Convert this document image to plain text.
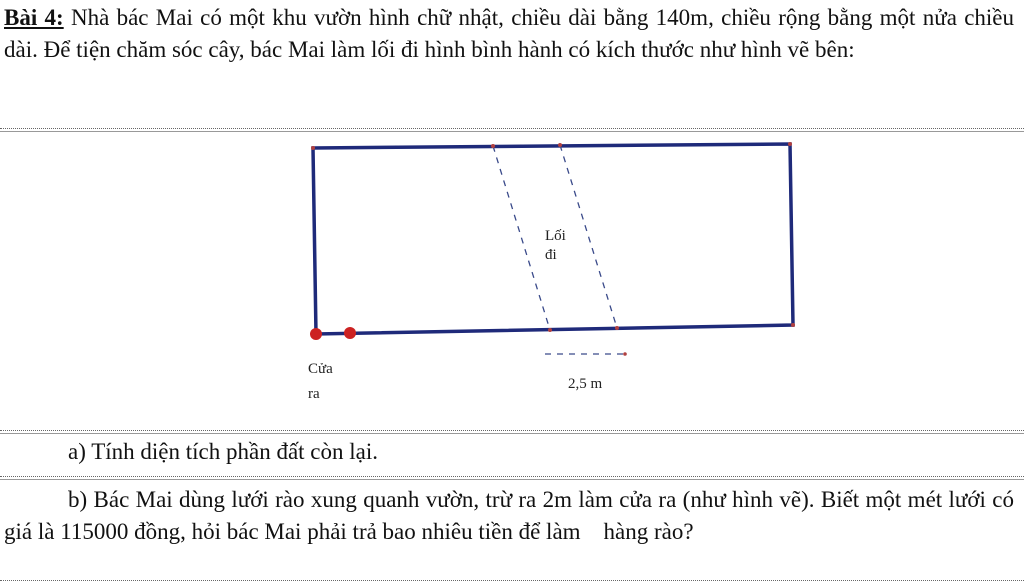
Bài 4: Nhà bác Mai có một khu vườn hình chữ nhật, chiều dài bằng 140m, chiều rộng bằng một nửa chiều dài. Để tiện chăm sóc cây, bác Mai làm lối đi hình bình hành có kích thước như hình vẽ bên:
Lối
đi
2,5 m
Cửa
ra
a) Tính diện tích phần đất còn lại.
b) Bác Mai dùng lưới rào xung quanh vườn, trừ ra 2m làm cửa ra (như hình vẽ). Biết một mét lưới có giá là 115000 đồng, hỏi bác Mai phải trả bao nhiêu tiền để làm    hàng rào?
